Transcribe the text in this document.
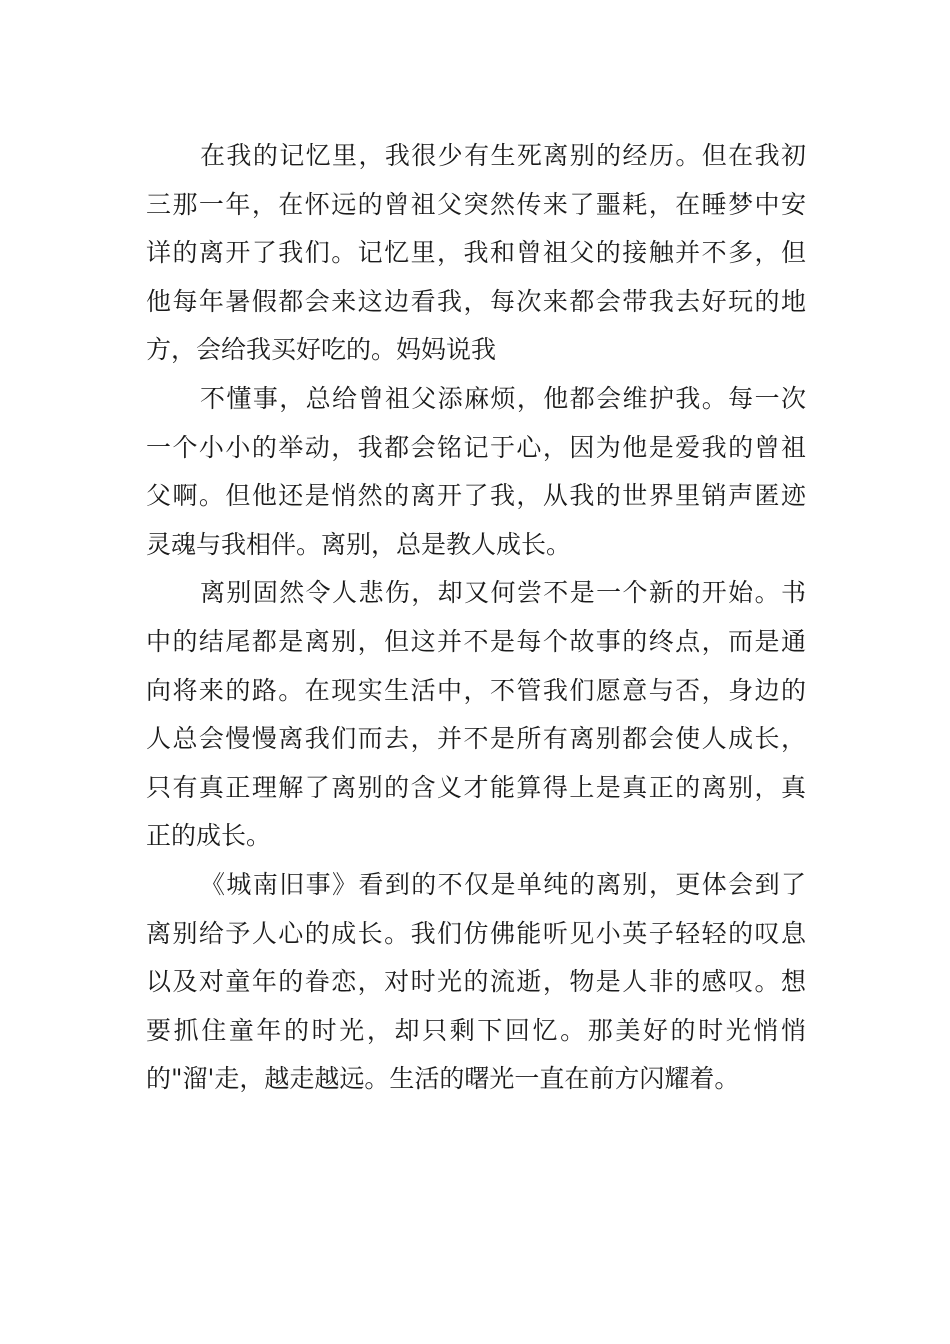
在我的记忆里，我很少有生死离别的经历。但在我初
三那一年，在怀远的曾祖父突然传来了噩耗，在睡梦中安
详的离开了我们。记忆里，我和曾祖父的接触并不多，但
他每年暑假都会来这边看我，每次来都会带我去好玩的地
方，会给我买好吃的。妈妈说我

不懂事，总给曾祖父添麻烦，他都会维护我。每一次
一个小小的举动，我都会铭记于心，因为他是爱我的曾祖
父啊。但他还是悄然的离开了我，从我的世界里销声匿迹
灵魂与我相伴。离别，总是教人成长。

离别固然令人悲伤，却又何尝不是一个新的开始。书
中的结尾都是离别，但这并不是每个故事的终点，而是通
向将来的路。在现实生活中，不管我们愿意与否，身边的
人总会慢慢离我们而去，并不是所有离别都会使人成长，
只有真正理解了离别的含义才能算得上是真正的离别，真
正的成长。

《城南旧事》看到的不仅是单纯的离别，更体会到了
离别给予人心的成长。我们仿佛能听见小英子轻轻的叹息
以及对童年的眷恋，对时光的流逝，物是人非的感叹。想
要抓住童年的时光，却只剩下回忆。那美好的时光悄悄
的"溜'走，越走越远。生活的曙光一直在前方闪耀着。
